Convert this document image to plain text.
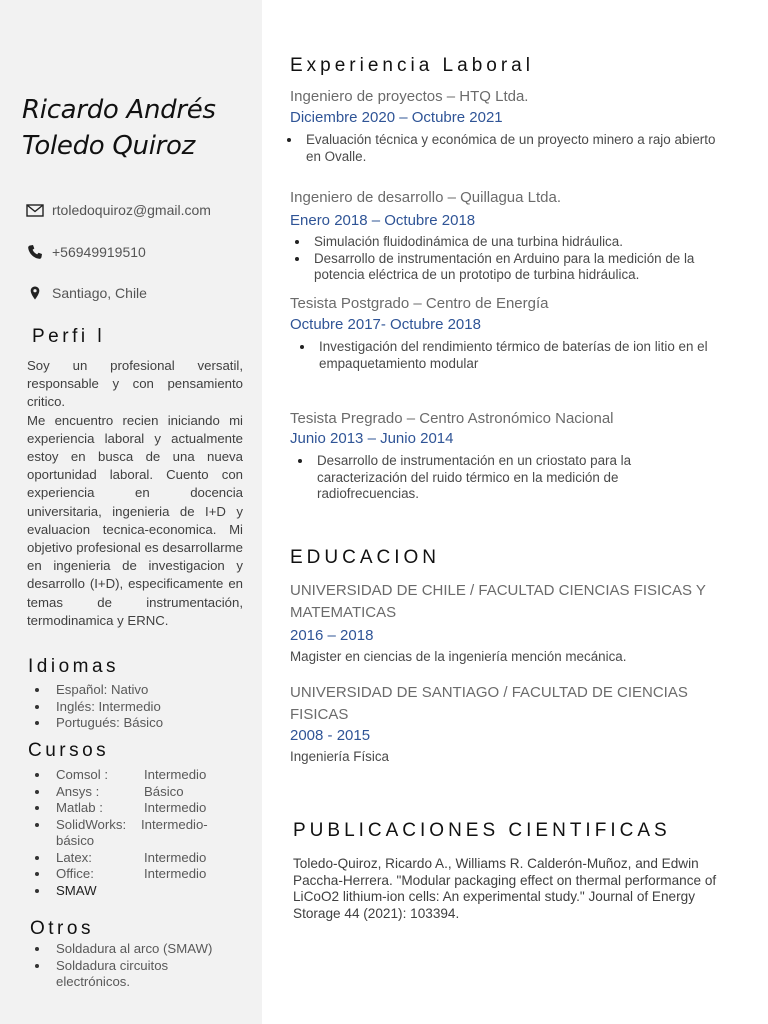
Ricardo Andrés
Toledo Quiroz
rtoledoquiroz@gmail.com
+56949919510
Santiago, Chile
Perfi l

Soy un profesional versatil, responsable y con pensamiento critico.

Me encuentro recien iniciando mi experiencia laboral y actualmente estoy en busca de una nueva oportunidad laboral. Cuento con experiencia en docencia universitaria, ingenieria de I+D y evaluacion tecnica-economica. Mi objetivo profesional es desarrollarme en ingenieria de investigacion y desarrollo (I+D), especificamente en temas de instrumentación, termodinamica y ERNC.

Idiomas
Español: Nativo
Inglés: Intermedio
Portugués: Básico
Cursos
Comsol :	Intermedio
Ansys :	Básico
Matlab :	Intermedio
SolidWorks:	Intermedio-
básico
Latex:	Intermedio
Office:	Intermedio
SMAW
Otros
Soldadura al arco (SMAW)
Soldadura circuitos electrónicos.
Experiencia Laboral
Ingeniero de proyectos – HTQ Ltda.
Diciembre 2020 – Octubre 2021
Evaluación técnica y económica de un proyecto minero a rajo abierto en Ovalle.
Ingeniero de desarrollo – Quillagua Ltda.
Enero 2018 – Octubre 2018
Simulación fluidodinámica de una turbina hidráulica.
Desarrollo de instrumentación en Arduino para la medición de la potencia eléctrica de un prototipo de turbina hidráulica.
Tesista Postgrado – Centro de Energía
Octubre 2017- Octubre 2018
Investigación del rendimiento térmico de baterías de ion litio en el empaquetamiento modular
Tesista Pregrado – Centro Astronómico Nacional
Junio 2013 – Junio 2014
Desarrollo de instrumentación en un criostato para la caracterización del ruido térmico en la medición de radiofrecuencias.
EDUCACION
UNIVERSIDAD DE CHILE / FACULTAD CIENCIAS FISICAS Y MATEMATICAS
2016 – 2018
Magister en ciencias de la ingeniería mención mecánica.
UNIVERSIDAD DE SANTIAGO / FACULTAD DE CIENCIAS FISICAS
2008 - 2015
Ingeniería Física
PUBLICACIONES CIENTIFICAS
Toledo-Quiroz, Ricardo A., Williams R. Calderón-Muñoz, and Edwin Paccha-Herrera. "Modular packaging effect on thermal performance of LiCoO2 lithium-ion cells: An experimental study." Journal of Energy Storage 44 (2021): 103394.
